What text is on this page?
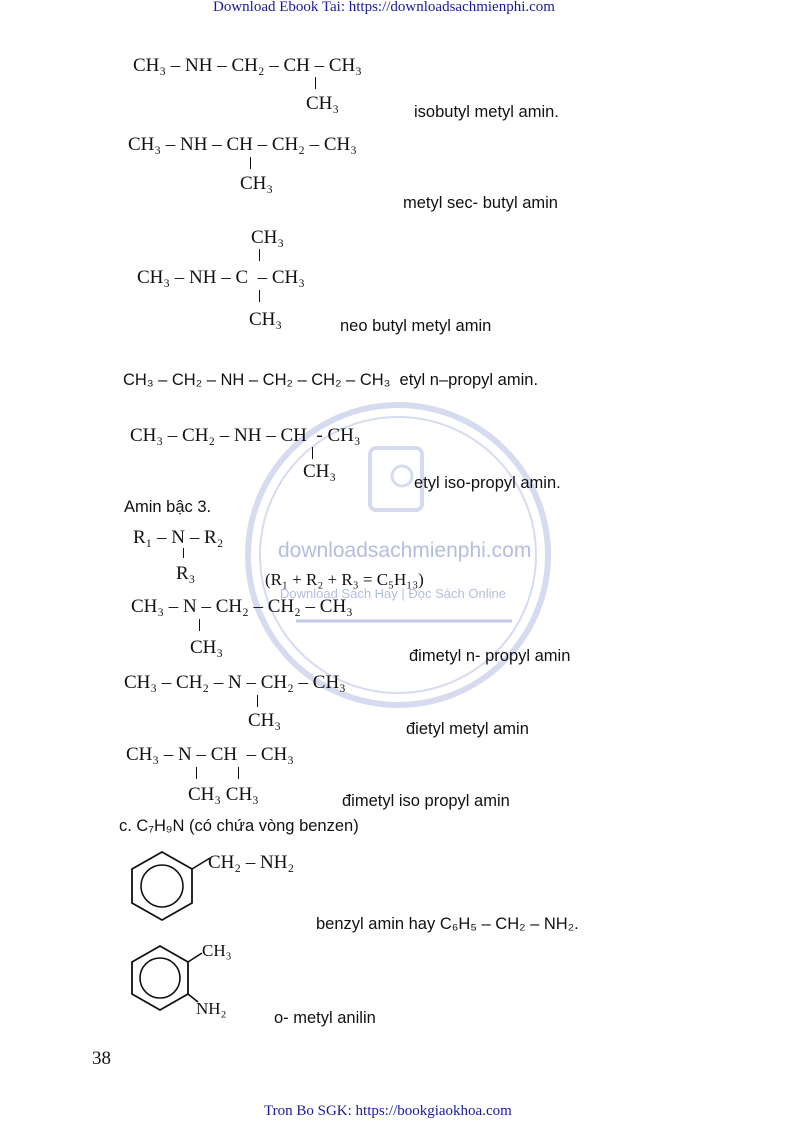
downloadsachmienphi.com
Download Sách Hay | Đọc Sách Online
Download Ebook Tai: https://downloadsachmienphi.com
CH₃ – NH – CH₂ – CH – CH₃
CH₃	isobutyl metyl amin.
CH₃ – NH – CH – CH₂ – CH₃
CH₃
metyl sec- butyl amin
CH₃
CH₃ – NH – C  – CH₃
CH₃	neo butyl metyl amin
CH₃ – CH₂ – NH – CH₂ – CH₂ – CH₃  etyl n–propyl amin.
CH₃ – CH₂ – NH – CH  - CH₃
CH₃
etyl iso-propyl amin.
Amin bậc 3.
R₁ – N – R₂
R₃	(R₁ + R₂ + R₃ = C₅H₁₃)
CH₃ – N – CH₂ – CH₂ – CH₃
CH₃	đimetyl n- propyl amin
CH₃ – CH₂ – N – CH₂ – CH₃
CH₃	đietyl metyl amin
CH₃ – N – CH  – CH₃
CH₃ CH₃	đimetyl iso propyl amin
c. C₇H₉N (có chứa vòng benzen)
CH₂ – NH₂
benzyl amin hay C₆H₅ – CH₂ – NH₂.
CH₃
NH₂	o- metyl anilin
38
Tron Bo SGK: https://bookgiaokhoa.com
